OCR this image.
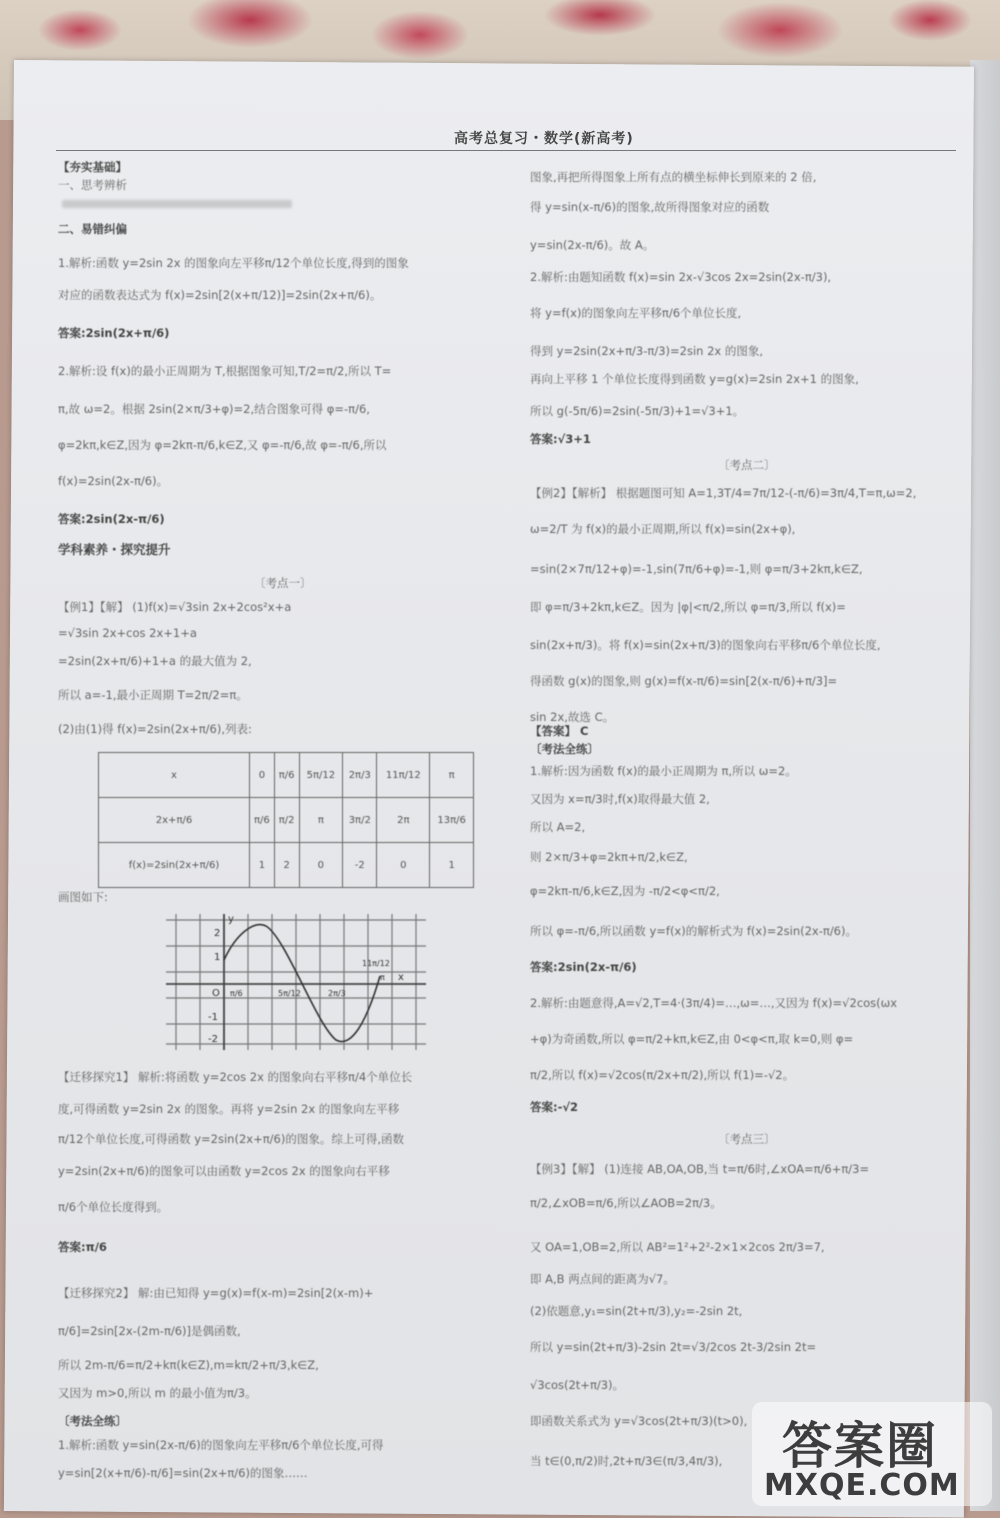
高考总复习・数学(新高考)
【夯实基础】
一、思考辨析
二、易错纠偏
1.解析:函数 y=2sin 2x 的图象向左平移π/12个单位长度,得到的图象
对应的函数表达式为 f(x)=2sin[2(x+π/12)]=2sin(2x+π/6)。
答案:2sin(2x+π/6)
2.解析:设 f(x)的最小正周期为 T,根据图象可知,T/2=π/2,所以 T=
π,故 ω=2。根据 2sin(2×π/3+φ)=2,结合图象可得 φ=-π/6,
φ=2kπ,k∈Z,因为 φ=2kπ-π/6,k∈Z,又 φ=-π/6,故 φ=-π/6,所以
f(x)=2sin(2x-π/6)。
答案:2sin(2x-π/6)
学科素养・探究提升
〔考点一〕
【例1】【解】 (1)f(x)=√3sin 2x+2cos²x+a
=√3sin 2x+cos 2x+1+a
=2sin(2x+π/6)+1+a 的最大值为 2,
所以 a=-1,最小正周期 T=2π/2=π。
(2)由(1)得 f(x)=2sin(2x+π/6),列表:
画图如下:
【迁移探究1】 解析:将函数 y=2cos 2x 的图象向右平移π/4个单位长
度,可得函数 y=2sin 2x 的图象。再将 y=2sin 2x 的图象向左平移
π/12个单位长度,可得函数 y=2sin(2x+π/6)的图象。综上可得,函数
y=2sin(2x+π/6)的图象可以由函数 y=2cos 2x 的图象向右平移
π/6个单位长度得到。
答案:π/6
【迁移探究2】 解:由已知得 y=g(x)=f(x-m)=2sin[2(x-m)+
π/6]=2sin[2x-(2m-π/6)]是偶函数,
所以 2m-π/6=π/2+kπ(k∈Z),m=kπ/2+π/3,k∈Z,
又因为 m>0,所以 m 的最小值为π/3。
〔考法全练〕
1.解析:函数 y=sin(2x-π/6)的图象向左平移π/6个单位长度,可得
y=sin[2(x+π/6)-π/6]=sin(2x+π/6)的图象……
x	0	π/6	5π/12	2π/3	11π/12	π
2x+π/6	π/6	π/2	π	3π/2	2π	13π/6
f(x)=2sin(2x+π/6)	1	2	0	-2	0	1
2
1
O
-1
-2
π/6	5π/12	2π/3
11π/12
π x
y
图象,再把所得图象上所有点的横坐标伸长到原来的 2 倍,
得 y=sin(x-π/6)的图象,故所得图象对应的函数
y=sin(2x-π/6)。故 A。
2.解析:由题知函数 f(x)=sin 2x-√3cos 2x=2sin(2x-π/3),
将 y=f(x)的图象向左平移π/6个单位长度,
得到 y=2sin(2x+π/3-π/3)=2sin 2x 的图象,
再向上平移 1 个单位长度得到函数 y=g(x)=2sin 2x+1 的图象,
所以 g(-5π/6)=2sin(-5π/3)+1=√3+1。
答案:√3+1
〔考点二〕
【例2】【解析】 根据题图可知 A=1,3T/4=7π/12-(-π/6)=3π/4,T=π,ω=2,
ω=2/T 为 f(x)的最小正周期,所以 f(x)=sin(2x+φ),
=sin(2×7π/12+φ)=-1,sin(7π/6+φ)=-1,则 φ=π/3+2kπ,k∈Z,
即 φ=π/3+2kπ,k∈Z。因为 |φ|<π/2,所以 φ=π/3,所以 f(x)=
sin(2x+π/3)。将 f(x)=sin(2x+π/3)的图象向右平移π/6个单位长度,
得函数 g(x)的图象,则 g(x)=f(x-π/6)=sin[2(x-π/6)+π/3]=
sin 2x,故选 C。
【答案】 C
〔考法全练〕
1.解析:因为函数 f(x)的最小正周期为 π,所以 ω=2。
又因为 x=π/3时,f(x)取得最大值 2,
所以 A=2,
则 2×π/3+φ=2kπ+π/2,k∈Z,
φ=2kπ-π/6,k∈Z,因为 -π/2<φ<π/2,
所以 φ=-π/6,所以函数 y=f(x)的解析式为 f(x)=2sin(2x-π/6)。
答案:2sin(2x-π/6)
2.解析:由题意得,A=√2,T=4·(3π/4)=…,ω=…,又因为 f(x)=√2cos(ωx
+φ)为奇函数,所以 φ=π/2+kπ,k∈Z,由 0<φ<π,取 k=0,则 φ=
π/2,所以 f(x)=√2cos(π/2x+π/2),所以 f(1)=-√2。
答案:-√2
〔考点三〕
【例3】【解】 (1)连接 AB,OA,OB,当 t=π/6时,∠xOA=π/6+π/3=
π/2,∠xOB=π/6,所以∠AOB=2π/3。
又 OA=1,OB=2,所以 AB²=1²+2²-2×1×2cos 2π/3=7,
即 A,B 两点间的距离为√7。
(2)依题意,y₁=sin(2t+π/3),y₂=-2sin 2t,
所以 y=sin(2t+π/3)-2sin 2t=√3/2cos 2t-3/2sin 2t=
√3cos(2t+π/3)。
即函数关系式为 y=√3cos(2t+π/3)(t>0),
当 t∈(0,π/2)时,2t+π/3∈(π/3,4π/3), 答案圈
MXQE.COM
